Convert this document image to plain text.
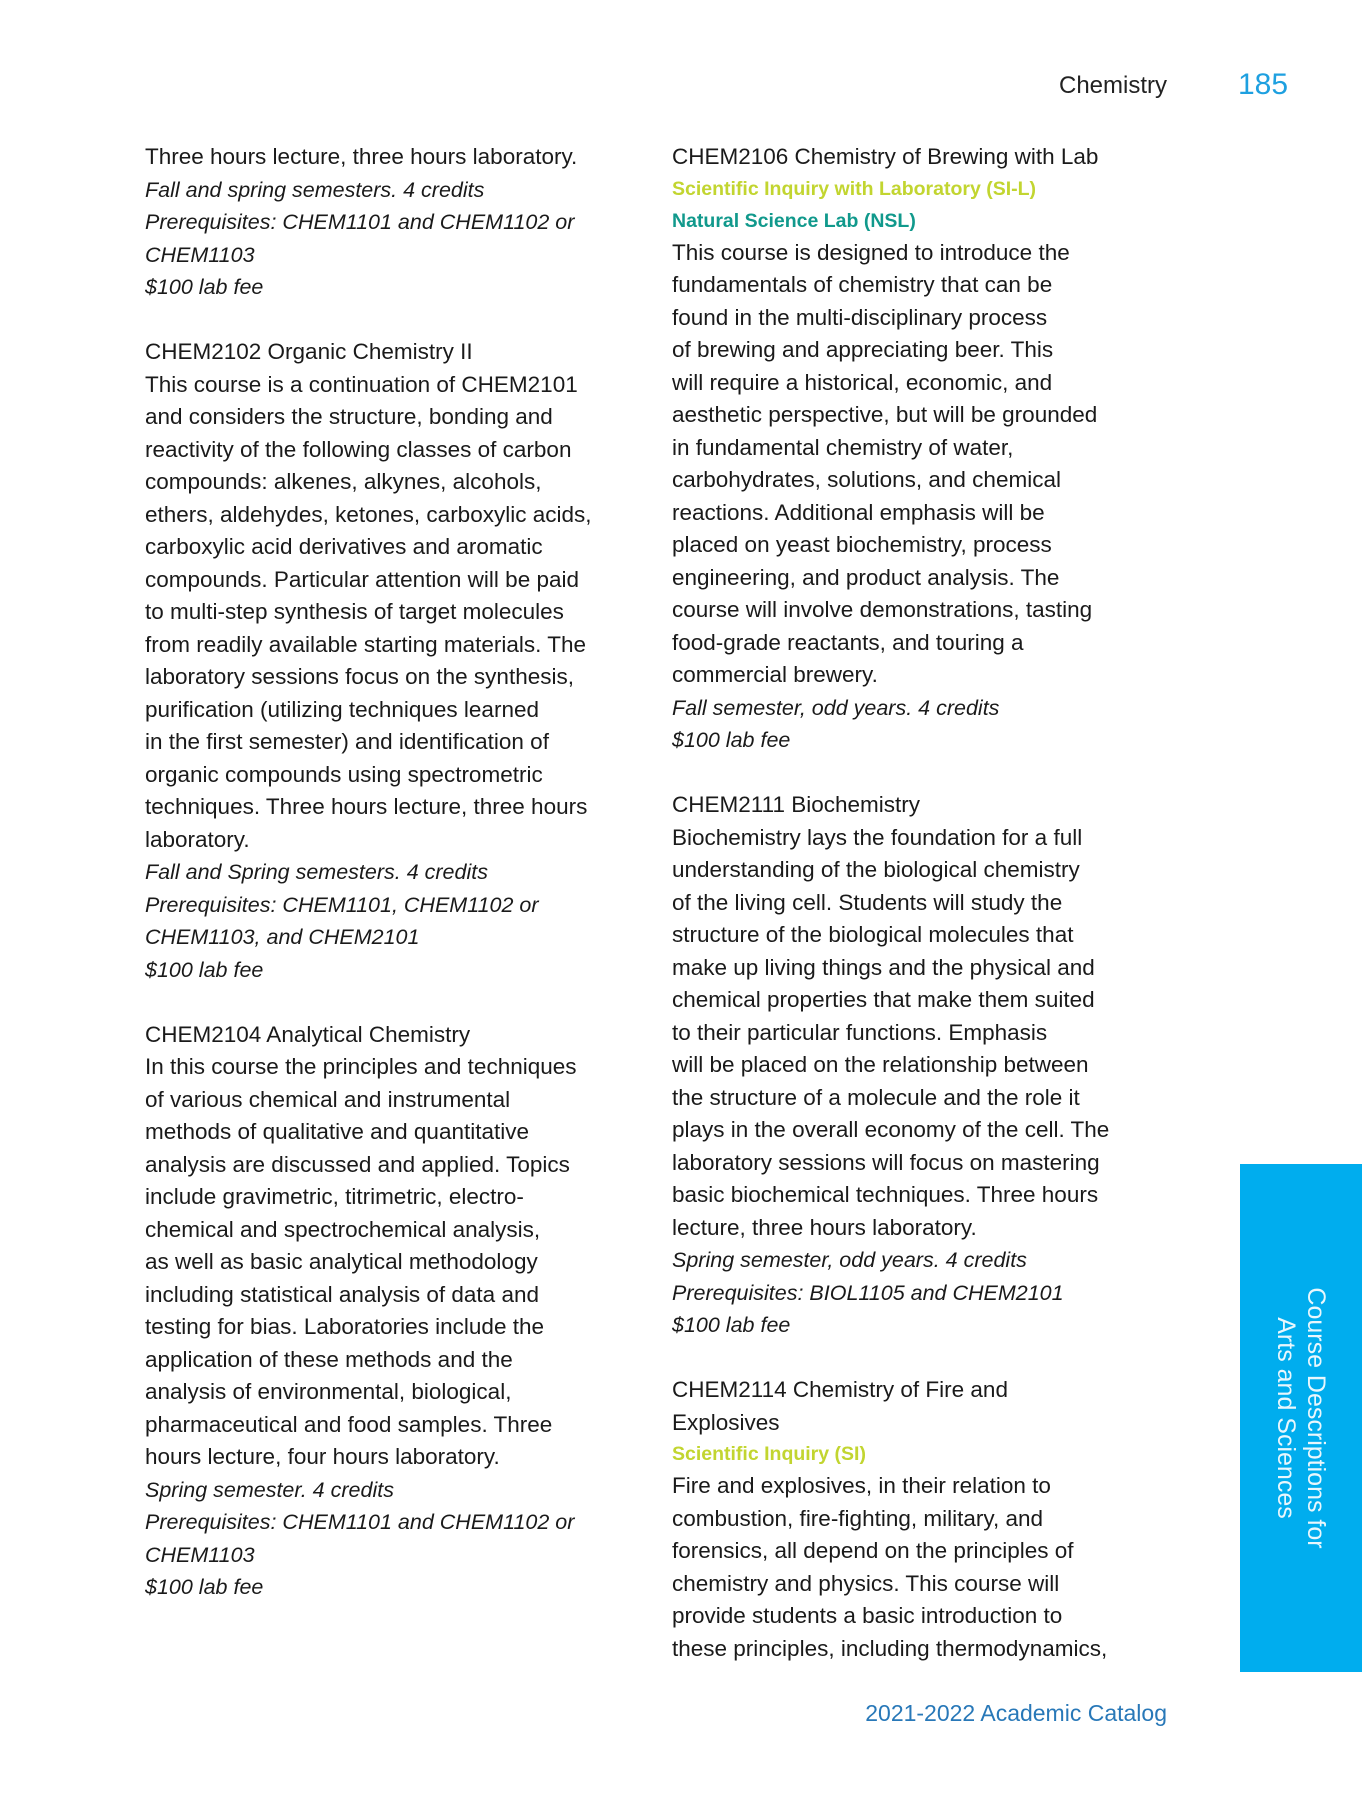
Chemistry 185
Three hours lecture, three hours laboratory.
Fall and spring semesters. 4 credits
Prerequisites: CHEM1101 and CHEM1102 or
CHEM1103
$100 lab fee
CHEM2102 Organic Chemistry II
This course is a continuation of CHEM2101
and considers the structure, bonding and
reactivity of the following classes of carbon
compounds: alkenes, alkynes, alcohols,
ethers, aldehydes, ketones, carboxylic acids,
carboxylic acid derivatives and aromatic
compounds. Particular attention will be paid
to multi-step synthesis of target molecules
from readily available starting materials. The
laboratory sessions focus on the synthesis,
purification (utilizing techniques learned
in the first semester) and identification of
organic compounds using spectrometric
techniques. Three hours lecture, three hours
laboratory.
Fall and Spring semesters. 4 credits
Prerequisites: CHEM1101, CHEM1102 or
CHEM1103, and CHEM2101
$100 lab fee
CHEM2104 Analytical Chemistry
In this course the principles and techniques
of various chemical and instrumental
methods of qualitative and quantitative
analysis are discussed and applied. Topics
include gravimetric, titrimetric, electro-
chemical and spectrochemical analysis,
as well as basic analytical methodology
including statistical analysis of data and
testing for bias. Laboratories include the
application of these methods and the
analysis of environmental, biological,
pharmaceutical and food samples. Three
hours lecture, four hours laboratory.
Spring semester. 4 credits
Prerequisites: CHEM1101 and CHEM1102 or
CHEM1103
$100 lab fee
CHEM2106 Chemistry of Brewing with Lab
Scientific Inquiry with Laboratory (SI-L)
Natural Science Lab (NSL)
This course is designed to introduce the
fundamentals of chemistry that can be
found in the multi-disciplinary process
of brewing and appreciating beer. This
will require a historical, economic, and
aesthetic perspective, but will be grounded
in fundamental chemistry of water,
carbohydrates, solutions, and chemical
reactions. Additional emphasis will be
placed on yeast biochemistry, process
engineering, and product analysis. The
course will involve demonstrations, tasting
food-grade reactants, and touring a
commercial brewery.
Fall semester, odd years. 4 credits
$100 lab fee
CHEM2111 Biochemistry
Biochemistry lays the foundation for a full
understanding of the biological chemistry
of the living cell. Students will study the
structure of the biological molecules that
make up living things and the physical and
chemical properties that make them suited
to their particular functions. Emphasis
will be placed on the relationship between
the structure of a molecule and the role it
plays in the overall economy of the cell. The
laboratory sessions will focus on mastering
basic biochemical techniques. Three hours
lecture, three hours laboratory.
Spring semester, odd years. 4 credits
Prerequisites: BIOL1105 and CHEM2101
$100 lab fee
CHEM2114 Chemistry of Fire and
Explosives
Scientific Inquiry (SI)
Fire and explosives, in their relation to
combustion, fire-fighting, military, and
forensics, all depend on the principles of
chemistry and physics. This course will
provide students a basic introduction to
these principles, including thermodynamics,
Course Descriptions for
Arts and Sciences
2021-2022 Academic Catalog
